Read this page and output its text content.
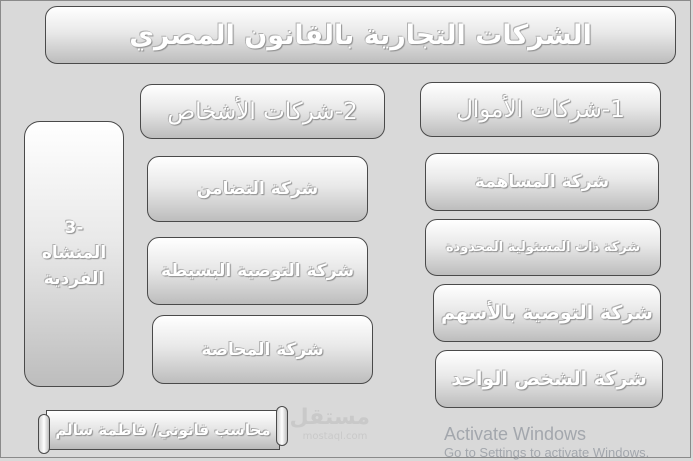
الشركات التجارية بالقانون المصري
1-شركات الأموال
2-شركات الأشخاص
شركة المساهمة
شركة ذات المسئولية المحدودة
شركة التوصية بالأسهم
شركة الشخص الواحد
شركة التضامن
شركة التوصية البسيطة
شركة المحاصة
-3
المنشاه
الفردية
محاسب قانوني/ فاطمة سالم مستقل
mostaql.com	Activate Windows
Go to Settings to activate Windows.
